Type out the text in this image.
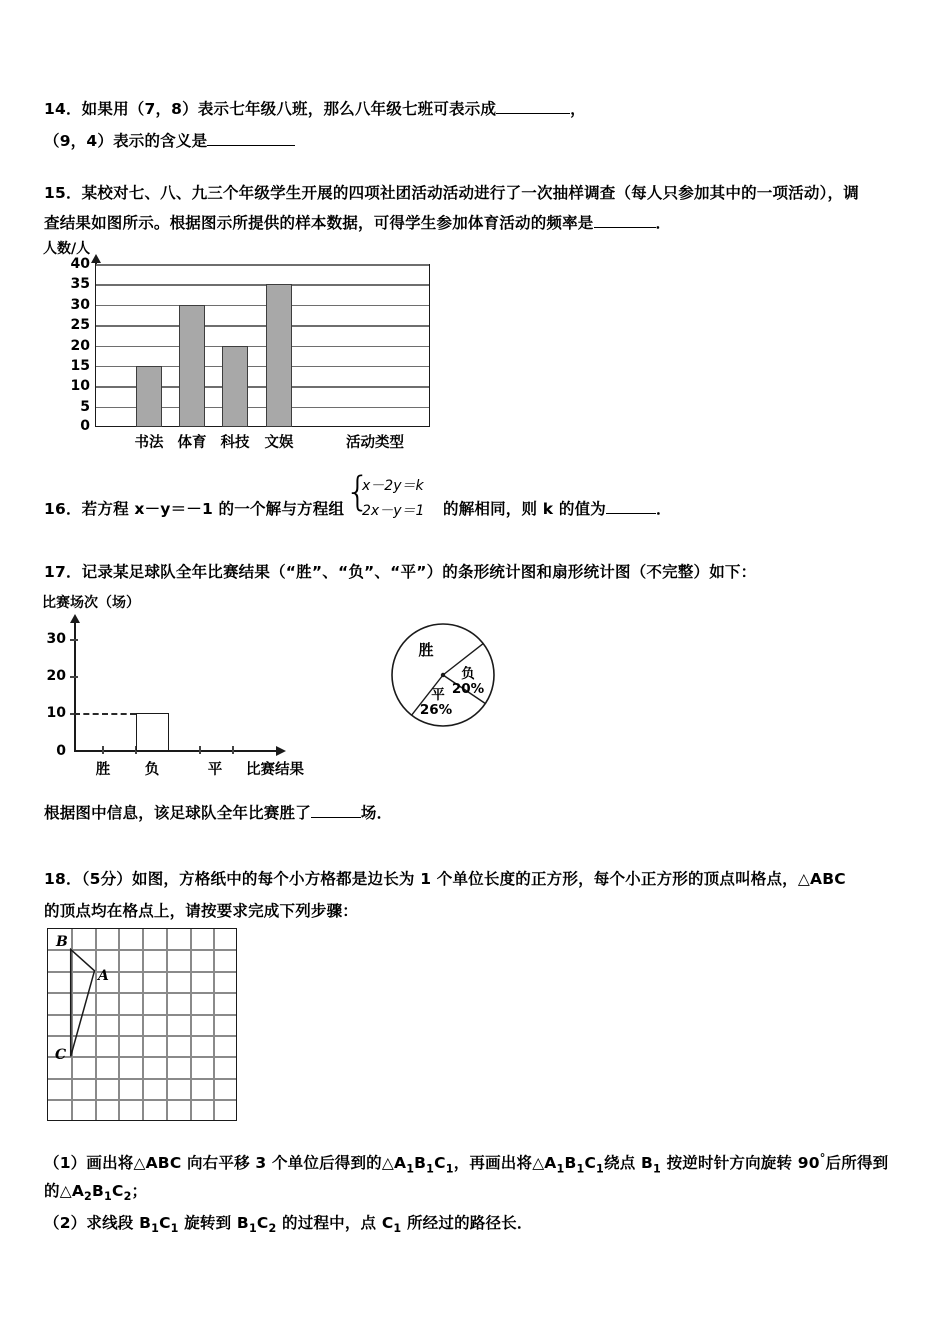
14．如果用（7，8）表示七年级八班，那么八年级七班可表示成	，
（9，4）表示的含义是
15．某校对七、八、九三个年级学生开展的四项社团活动活动进行了一次抽样调查（每人只参加其中的一项活动），调
查结果如图所示。根据图示所提供的样本数据，可得学生参加体育活动的频率是	．
人数/人
40
35
30
25
20
15
10
5
0
书法 体育 科技	文娱	活动类型
16．若方程 x－y＝－1 的一个解与方程组 {
x－2y＝k
2x－y＝1 的解相同，则 k 的值为	．
17．记录某足球队全年比赛结果（“胜”、“负”、“平”）的条形统计图和扇形统计图（不完整）如下：
比赛场次（场）
30
20
10
0
胜	负	平	比赛结果
胜
负
20%
平
26%
根据图中信息，该足球队全年比赛胜了	场．
18．（5分）如图，方格纸中的每个小方格都是边长为 1 个单位长度的正方形，每个小正方形的顶点叫格点，△ABC
的顶点均在格点上，请按要求完成下列步骤：
B
A
C
（1）画出将△ABC 向右平移 3 个单位后得到的$\triangle A_1B_1C_1$，再画出将$\triangle A_1B_1C_1$绕点 $B_1$ 按逆时针方向旋转 90°后所得到
的$\triangle A_2B_1C_2$；
（2）求线段 $B_1C_1$ 旋转到 $B_1C_2$ 的过程中，点 $C_1$ 所经过的路径长．
